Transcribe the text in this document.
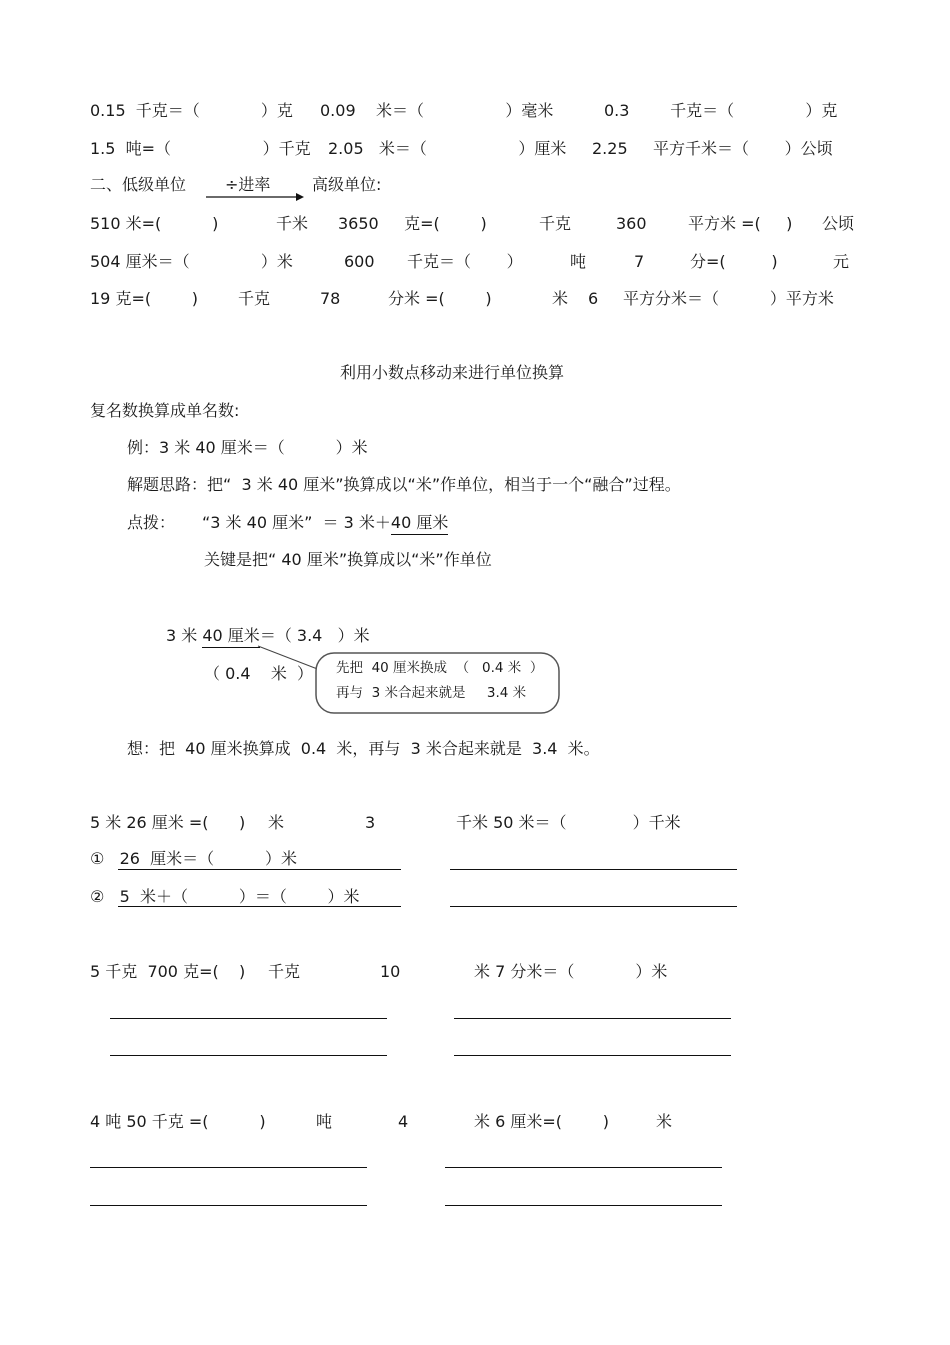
0.15  千克＝（            ）克 0.09    米＝（                ）毫米	0.3        千克＝（              ）克
1.5  吨=（                  ）千克 2.05   米＝（                  ）厘米 2.25     平方千米＝（       ）公顷
二、低级单位 ÷进率	高级单位:
510 米=(          )	千米 3650     克=(        )	千克	360	平方米 =(     ) 公顷
504 厘米＝（              ）米	600 千克＝（       ）	吨	7	分=(         )	元
19 克=(        ) 千克	78	分米 =(        )	米 6 平方分米＝（          ）平方米
利用小数点移动来进行单位换算
复名数换算成单名数:
例：3 米 40 厘米＝（          ）米
解题思路：把“  3 米 40 厘米”换算成以“米”作单位，相当于一个“融合”过程。
点拨： “3 米 40 厘米”  ＝ 3 米＋40 厘米
关键是把“ 40 厘米”换算成以“米”作单位
3 米 40 厘米＝（ 3.4   ）米
（ 0.4    米  ） 先把  40 厘米换成  （   0.4 米  ）
再与  3 米合起来就是     3.4 米
想：把  40 厘米换算成  0.4  米，再与  3 米合起来就是  3.4  米。
5 米 26 厘米 =(      ) 米	3	千米 50 米＝（             ）千米
①   26  厘米＝（          ）米
②   5  米＋（          ）＝（        ）米
5 千克  700 克=(    ) 千克	10	米 7 分米＝（            ）米
4 吨 50 千克 =(          )	吨	4	米 6 厘米=(        )	米
